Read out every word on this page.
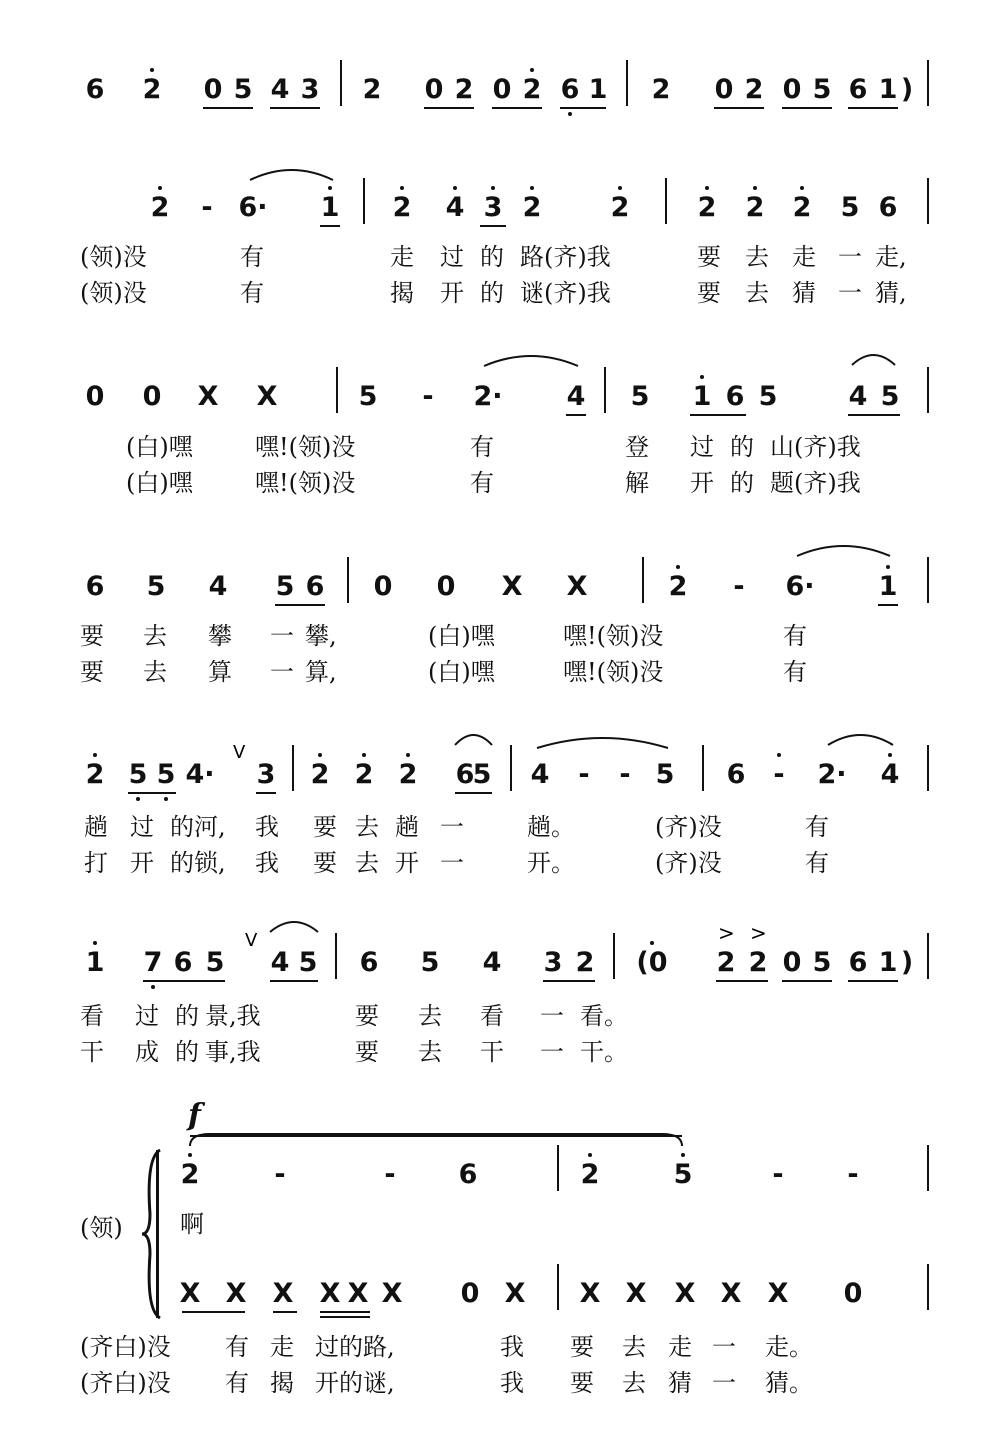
6 2 0 5 4 3 2 0 2 0 2 6 1 2 0 2 0 5 6 1 )
2 - 6· 1 2 4 3 2	2	2 2 2 5 6
(领)没	有	走 过 的 路(齐)我	要 去 走 一 走,
(领)没	有	揭 开 的 谜(齐)我	要 去 猜 一 猜,
0 0 X X	5 - 2· 4 5 1 6 5	4 5
(白)嘿	嘿!(领)没	有	登 过 的 山(齐)我
(白)嘿	嘿!(领)没	有	解 开 的 题(齐)我
6 5 4 5 6 0 0 X X	2 - 6· 1
要 去 攀 一 攀,	(白)嘿	嘿!(领)没	有
要 去 算 一 算,	(白)嘿	嘿!(领)没	有
2 5 5 4· 3 2 2 2 6
5 4 - - 5 6 - 2· 4
趟 过 的河, 我 要 去 趟 一	趟。	(齐)没	有
打 开 的锁, 我 要 去 开 一	开。	(齐)没	有
1 7 6 5 4 5 6 5 4 3 2 (0 2 2 0 5 6 1 )
看 过 的 景,我	要 去 看 一 看。
干 成 的 事,我	要 去 干 一 干。
f
(领)
2	-	- 6	2	5	- -
啊
X X X X X X 0 X X X X X X 0
(齐白)没 有 走 过的路,	我 要 去 走 一 走。
(齐白)没 有 揭 开的谜,	我 要 去 猜 一 猜。
V
V	> >
